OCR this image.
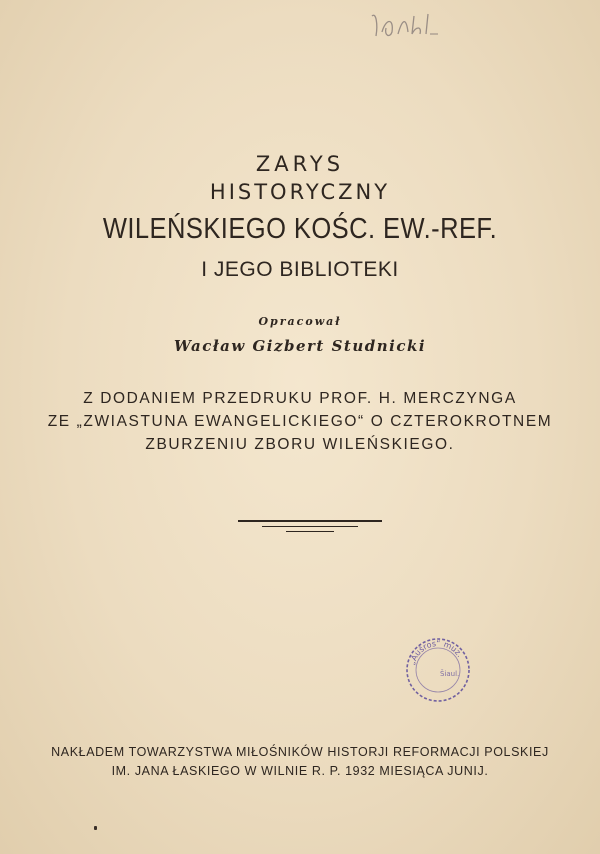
ZARYS
HISTORYCZNY
WILEŃSKIEGO KOŚC. EW.-REF.
I JEGO BIBLIOTEKI
Opracował
Wacław Gizbert Studnicki
Z DODANIEM PRZEDRUKU PROF. H. MERCZYNGA
ZE „ZWIASTUNA EWANGELICKIEGO“ O CZTEROKROTNEM
ZBURZENIU ZBORU WILEŃSKIEGO.
„Aušros“ muz.
Šiaul.
NAKŁADEM TOWARZYSTWA MIŁOŚNIKÓW HISTORJI REFORMACJI POLSKIEJ
IM. JANA ŁASKIEGO W WILNIE R. P. 1932 MIESIĄCA JUNIJ.
